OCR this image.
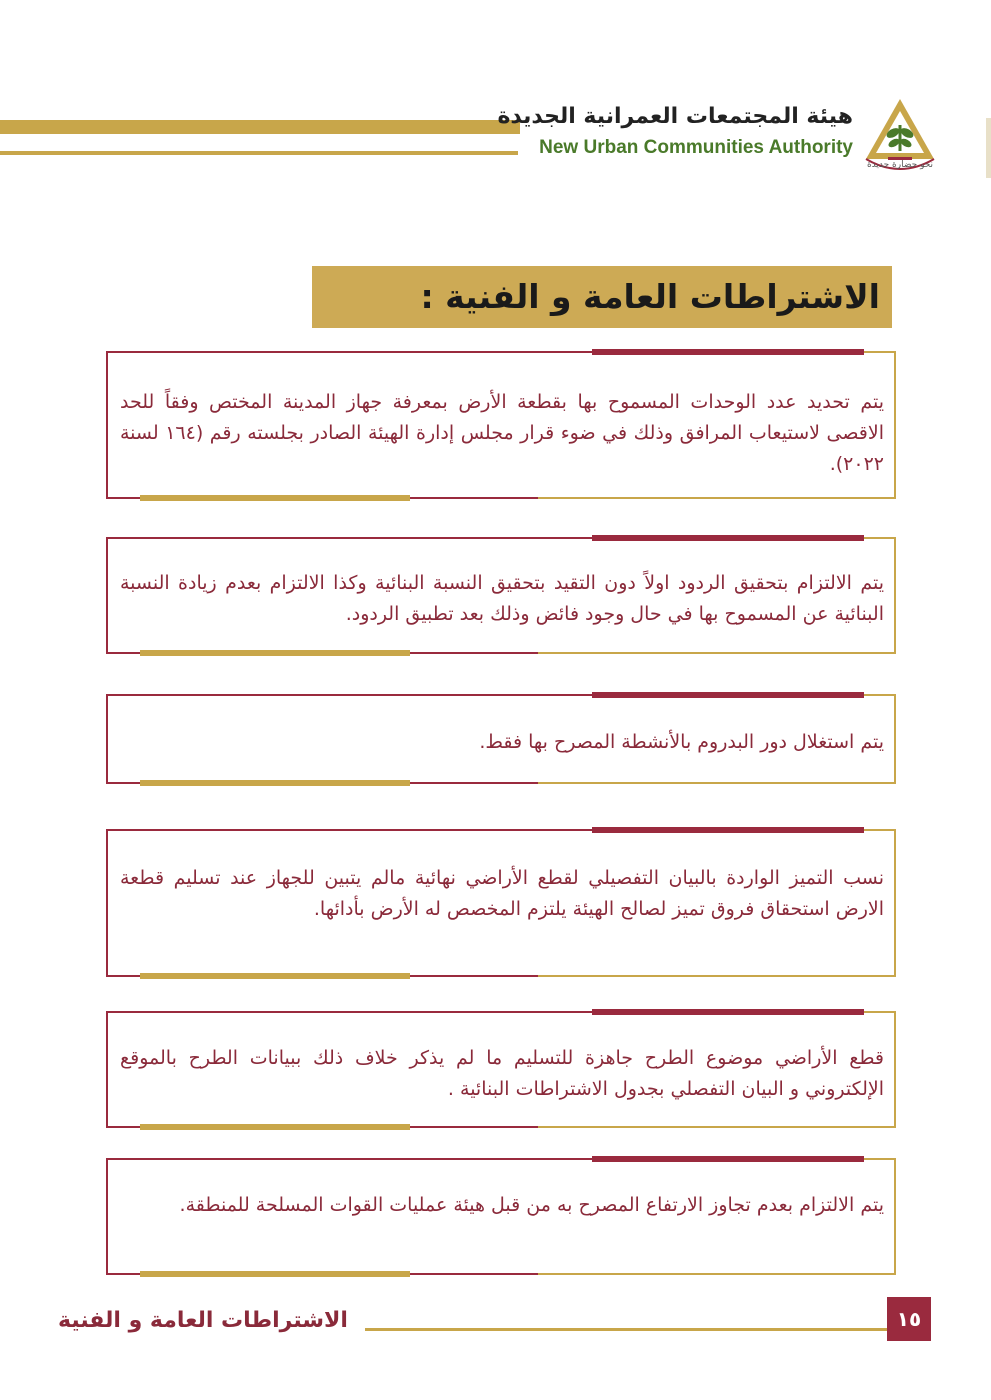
هيئة المجتمعات العمرانية الجديدة
New Urban Communities Authority
نحو حضارة جديدة
الاشتراطات العامة و الفنية :
يتم تحديد عدد الوحدات المسموح بها بقطعة الأرض بمعرفة جهاز المدينة المختص وفقاً للحد الاقصى لاستيعاب المرافق وذلك في ضوء قرار مجلس إدارة الهيئة الصادر بجلسته رقم (١٦٤ لسنة ٢٠٢٢).
يتم الالتزام بتحقيق الردود اولاً دون التقيد بتحقيق النسبة البنائية وكذا الالتزام بعدم زيادة النسبة البنائية عن المسموح بها في حال وجود فائض وذلك بعد تطبيق الردود.
يتم استغلال دور البدروم بالأنشطة المصرح بها فقط.
نسب التميز الواردة بالبيان التفصيلي لقطع الأراضي نهائية مالم يتبين للجهاز عند تسليم قطعة الارض استحقاق فروق تميز لصالح الهيئة يلتزم المخصص له الأرض بأدائها.
قطع الأراضي موضوع الطرح جاهزة للتسليم ما لم يذكر خلاف ذلك ببيانات الطرح بالموقع الإلكتروني و البيان التفصلي بجدول الاشتراطات البنائية .
يتم الالتزام بعدم تجاوز الارتفاع المصرح به من قبل هيئة عمليات القوات المسلحة للمنطقة.
الاشتراطات العامة و الفنية	١٥
